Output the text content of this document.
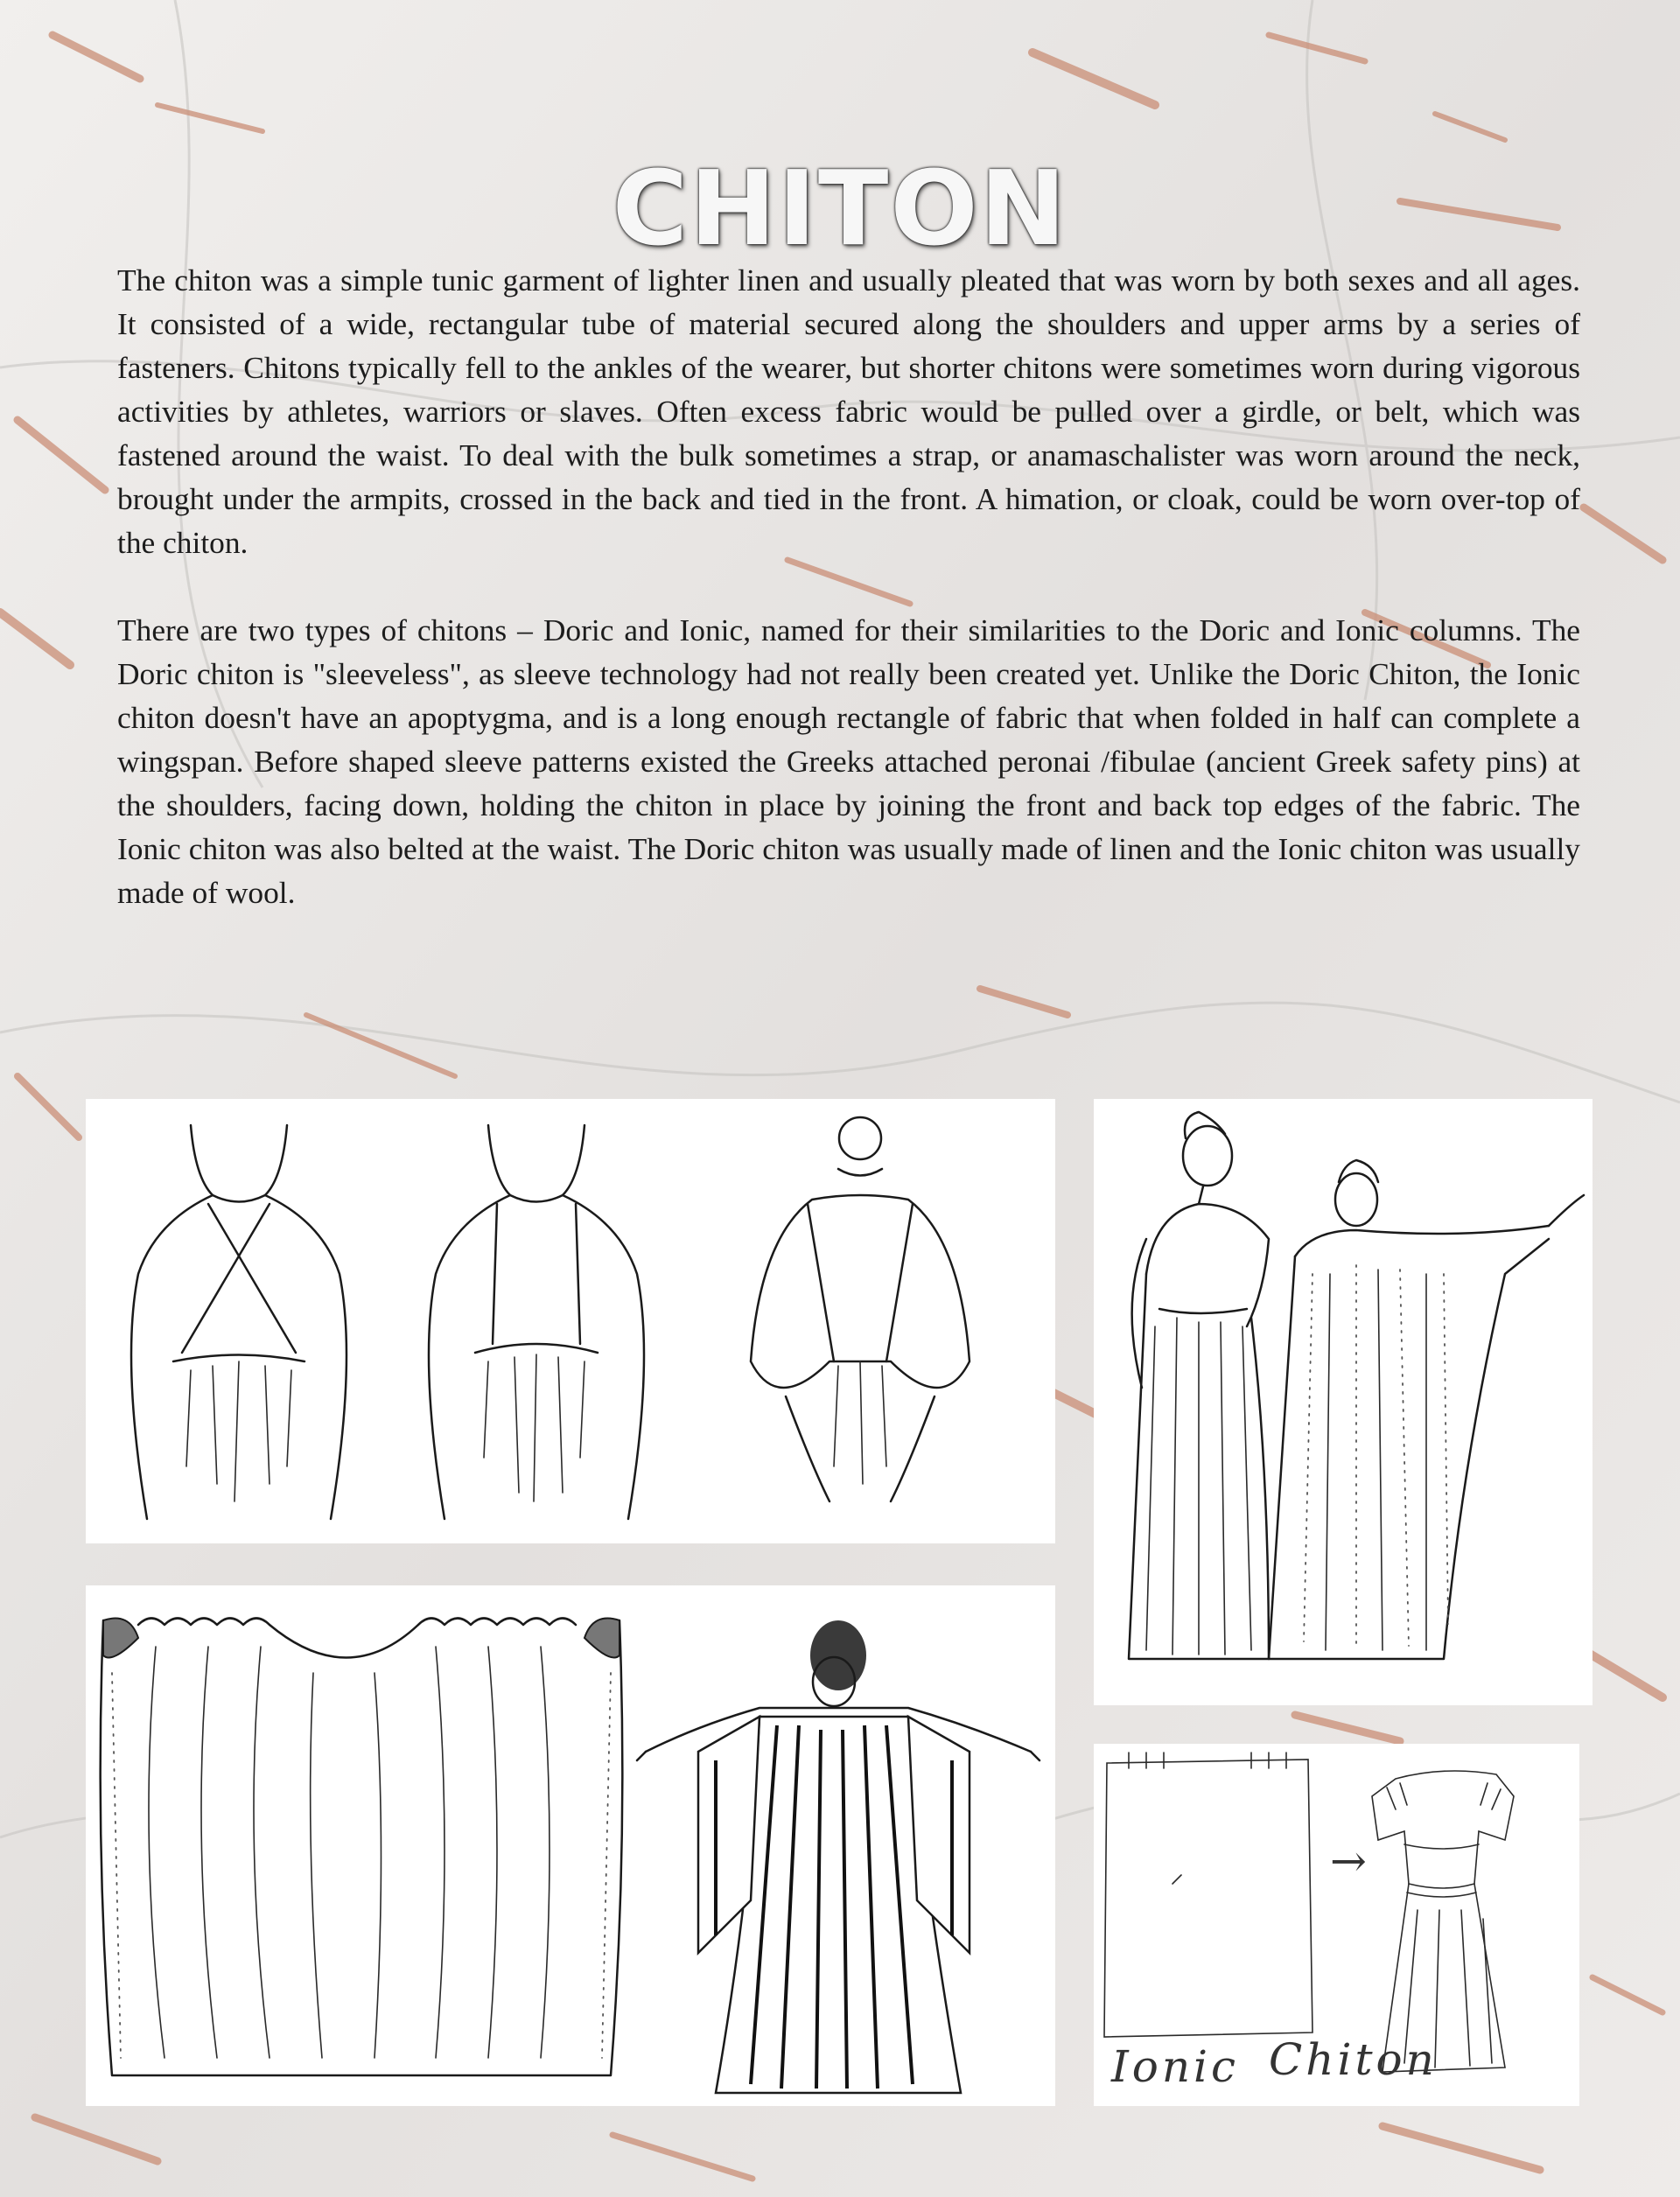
CHITON

The chiton was a simple tunic garment of lighter linen and usually pleated that was worn by both sexes and all ages. It consisted of a wide, rectangular tube of material secured along the shoulders and upper arms by a series of fasteners. Chitons typically fell to the ankles of the wearer, but shorter chitons were sometimes worn during vigorous activities by athletes, warriors or slaves. Often excess fabric would be pulled over a girdle, or belt, which was fastened around the waist. To deal with the bulk sometimes a strap, or anamaschalister was worn around the neck, brought under the armpits, crossed in the back and tied in the front. A himation, or cloak, could be worn over-top of the chiton.

There are two types of chitons – Doric and Ionic, named for their similarities to the Doric and Ionic columns. The Doric chiton is "sleeveless", as sleeve technology had not really been created yet. Unlike the Doric Chiton, the Ionic chiton doesn't have an apoptygma, and is a long enough rectangle of fabric that when folded in half can complete a wingspan. Before shaped sleeve patterns existed the Greeks attached peronai /fibulae (ancient Greek safety pins) at the shoulders, facing down, holding the chiton in place by joining the front and back top edges of the fabric. The Ionic chiton was also belted at the waist. The Doric chiton was usually made of linen and the Ionic chiton was usually made of wool.

→
Ionic Chiton
